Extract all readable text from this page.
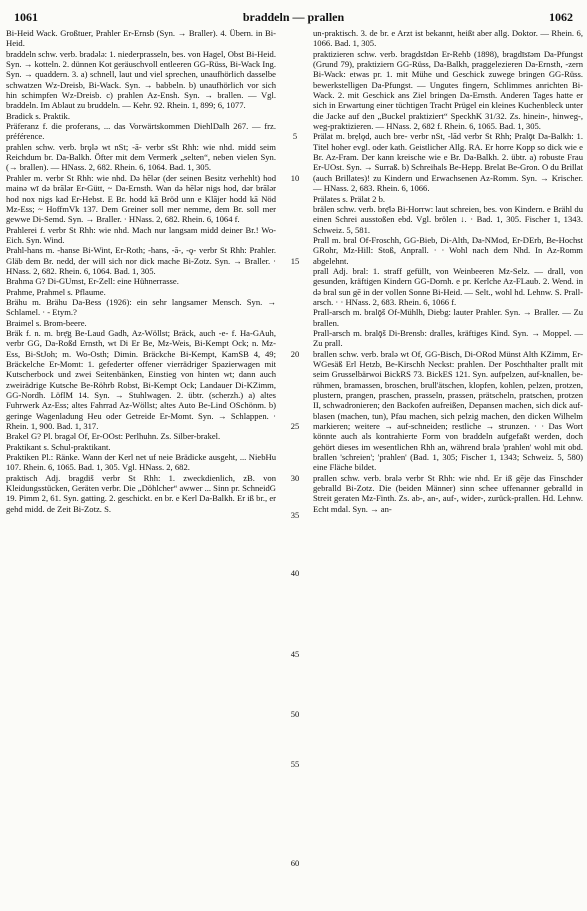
1061	braddeln — prallen	1062

Bi-Heid Wack. Großtuer, Prahler Er-Ernsb (Syn. → Braller). 4. Übern. in Bi-Heid.

braddeln schw. verb. bradəlǝ: 1. niederprasseln, bes. von Hagel, Obst Bi-Heid. Syn. → kotteln. 2. dünnen Kot geräuschvoll entleeren GG-Rüss, Bi-Wack Ing. Syn. → quaddern. 3. a) schnell, laut und viel sprechen, unaufhörlich dasselbe schwatzen Wz-Dreisb, Bi-Wack. Syn. → babbeln. b) unaufhörlich vor sich hin schimpfen Wz-Dreisb. c) prahlen Az-Ensh. Syn. → brallen. — Vgl. braddeln. Im Ablaut zu bruddeln. — Kehr. 92. Rhein. 1, 899; 6, 1077.

Bradick s. Praktik.

Präferanz f. die proferans, ... das Vorwärtskommen DiehlDalh 267. — frz. préférence.

prahlen schw. verb. brǫlǝ wt nSt; -ā- verbr sSt Rhh: wie nhd. midd seim Reichdum br. Da-Balkh. Öfter mit dem Vermerk „selten“, neben vielen Syn. (→ brallen). — HNass. 2, 682. Rhein. 6, 1064. Bad. 1, 305.

Prahler m. verbr St Rhh: wie nhd. Dǝ hēlǝr (der seinen Besitz verhehlt) hod mainǝ wī dǝ brālǝr Er-Gütt, ~ Da-Ernsth. Wan dǝ hēlǝr nigs hod, dǝr brālǝr hod nox nigs kad Er-Hebst. E Br. hodd kā Bröd unn e Klājer hodd kā Nöd Mz-Ess; ~ HoffmVk 137. Dem Greiner soll mer nemme, dem Br. soll mer gewwe Di-Semd. Syn. → Braller. · HNass. 2, 682. Rhein. 6, 1064 f.

Prahlerei f. verbr St Rhh: wie nhd. Mach nur langsam midd deiner Br.! Wo-Eich. Syn. Wind.

Prahl-hans m. -hanse Bi-Wint, Er-Roth; -hans, -ā-, -ǫ- verbr St Rhh: Prahler. Gläb dem Br. nedd, der will sich nor dick mache Bi-Zotz. Syn. → Braller. · HNass. 2, 682. Rhein. 6, 1064. Bad. 1, 305.

Brahma G? Di-GUmst, Er-Zell: eine Hühnerrasse.

Prahme, Prahmel s. Pflaume.

Brähu m. Brähu Da-Bess (1926): ein sehr langsamer Mensch. Syn. → Schlamel. · - Etym.?

Braimel s. Brom-beere.

Bräk f. n. m. brẹ̄g Be-Laud Gadh, Az-Wöllst; Bräck, auch -e- f. Ha-GAuh, verbr GG, Da-Roßd Ernsth, wt Di Er Be, Mz-Weis, Bi-Kempt Ock; n. Mz-Ess, Bi-StJoh; m. Wo-Osth; Dimin. Bräckche Bi-Kempt, KamSB 4, 49; Bräckelche Er-Momt: 1. gefederter offener vierrädriger Spazierwagen mit Kutscherbock und zwei Seitenbänken, Einstieg von hinten wt; dann auch zweirädrige Kutsche Be-Röhrb Robst, Bi-Kempt Ock; Landauer Di-KZimm, GG-Nordh. LöflM 14. Syn. → Stuhlwagen. 2. übtr. (scherzh.) a) altes Fuhrwerk Az-Ess; altes Fahrrad Az-Wöllst; altes Auto Be-Lind OSchönm. b) geringe Wagenladung Heu oder Getreide Er-Momt. Syn. → Schlappen. · Rhein. 1, 900. Bad. 1, 317.

Brakel G? Pl. bragəl Of, Er-OOst: Perlhuhn. Zs. Silber-brakel.

Praktikant s. Schul-praktikant.

Praktiken Pl.: Ränke. Wann der Kerl net uf neie Brädicke ausgeht, ... NiebHu 107. Rhein. 6, 1065. Bad. 1, 305. Vgl. HNass. 2, 682.

praktisch Adj. bragdiš verbr St Rhh: 1. zweckdienlich, zB. von Kleidungsstücken, Geräten verbr. Die „Döhlcher“ awwer ... Sinn pr. SchneidG 19. Pimm 2, 61. Syn. gatting. 2. geschickt. en br. e Kerl Da-Balkh. Er iß br., er gehd midd. de Zeit Bi-Zotz. S.

5
10
15
20
25
30
35
40
45
50
55
60

un-praktisch. 3. de br. e Arzt ist bekannt, heißt aber allg. Doktor. — Rhein. 6, 1066. Bad. 1, 305.

praktizieren schw. verb. bragdsīdǝn Er-Rehb (1898), bragdīsīǝm Da-Pfungst (Grund 79), praktiziern GG-Rüss, Da-Balkh, praggelezieren Da-Ernsth, -zern Bi-Wack: etwas pr. 1. mit Mühe und Geschick zuwege bringen GG-Rüss. bewerkstelligen Da-Pfungst. — Ungutes fingern, Schlimmes anrichten Bi-Wack. 2. mit Geschick ans Ziel bringen Da-Ernsth. Anderen Tages hatte er sich in Erwartung einer tüchtigen Tracht Prügel ein kleines Kuchenbleck unter die Jacke auf den „Buckel praktiziert“ SpeckhK 31/32. Zs. hinein-, hinweg-, weg-praktizieren. — HNass. 2, 682 f. Rhein. 6, 1065. Bad. 1, 305.

Prälat m. brẹlǫd, auch bre- verbr nSt, -lād verbr St Rhh; Pralǭt Da-Balkh: 1. Titel hoher evgl. oder kath. Geistlicher Allg. RA. Er horre Kopp so dick wie e Br. Az-Fram. Der kann kreische wie e Br. Da-Balkh. 2. übtr. a) robuste Frau Er-UOst. Syn. → Surraß. b) Schreihals Be-Hepp. Brelat Be-Gron. O du Brillat (auch Brillates)! zu Kindern und Erwachsenen Az-Romm. Syn. → Krischer. — HNass. 2, 683. Rhein. 6, 1066.

Prälates s. Prälat 2 b.

brälen schw. verb. brẹ̄lǝ Bi-Horrw: laut schreien, bes. von Kindern. e Brähl du einen Schrei ausstoßen ebd. Vgl. brölen ↓. · Bad. 1, 305. Fischer 1, 1343. Schweiz. 5, 581.

Prall m. bral Of-Froschh, GG-Bieb, Di-Alth, Da-NMod, Er-DErb, Be-Hochst GRohr, Mz-Hill: Stoß, Anprall. · · Wohl nach dem Nhd. In Az-Romm abgelehnt.

prall Adj. bral: 1. straff gefüllt, von Weinbeeren Mz-Selz. — drall, von gesunden, kräftigen Kindern GG-Dornh. e pr. Kerlche Az-FLaub. 2. Wend. in dǝ bral sun gē in der vollen Sonne Bi-Heid. — Selt., wohl hd. Lehnw. S. Prall-arsch. · · HNass. 2, 683. Rhein. 6, 1066 f.

Prall-arsch m. bralǭš Of-Mühlh, Diebg: lauter Prahler. Syn. → Braller. — Zu brallen.

Prall-arsch m. bralǭš Di-Brensb: dralles, kräftiges Kind. Syn. → Moppel. — Zu prall.

brallen schw. verb. bralǝ wt Of, GG-Bisch, Di-ORod Münst Alth KZimm, Er-WGesäß Erl Hetzb, Be-Kirschh Neckst: prahlen. Der Poschthalter prallt mit seim Grusselbärwoi BickRS 73. BickES 121. Syn. aufpelzen, auf-knallen, be-rühmen, bramassen, broschen, brull'ätschen, klopfen, kohlen, pelzen, protzen, plustern, prangen, praschen, prasseln, prassen, prätscheln, pratschen, protzen II, schwadronieren; den Backofen aufreißen, Depansen machen, sich dick auf-blasen (machen, tun), Pfau machen, sich pelzig machen, den dicken Wilhelm markieren; weitere → auf-schneiden; restliche → strunzen. · · Das Wort könnte auch als kontrahierte Form von braddeln aufgefaßt werden, doch gehört dieses im wesentlichen Rhh an, während bralǝ 'prahlen' wohl mit obd. brallen 'schreien'; 'prahlen' (Bad. 1, 305; Fischer 1, 1343; Schweiz. 5, 580) eine Fläche bildet.

prallen schw. verb. bralǝ verbr St Rhh: wie nhd. Er iß gēje das Finschder gebralld Bi-Zotz. Die (beiden Männer) sinn schee uffenanner gebralld in Streit geraten Mz-Finth. Zs. ab-, an-, auf-, wider-, zurück-prallen. Hd. Lehnw. Echt mdal. Syn. → an-
